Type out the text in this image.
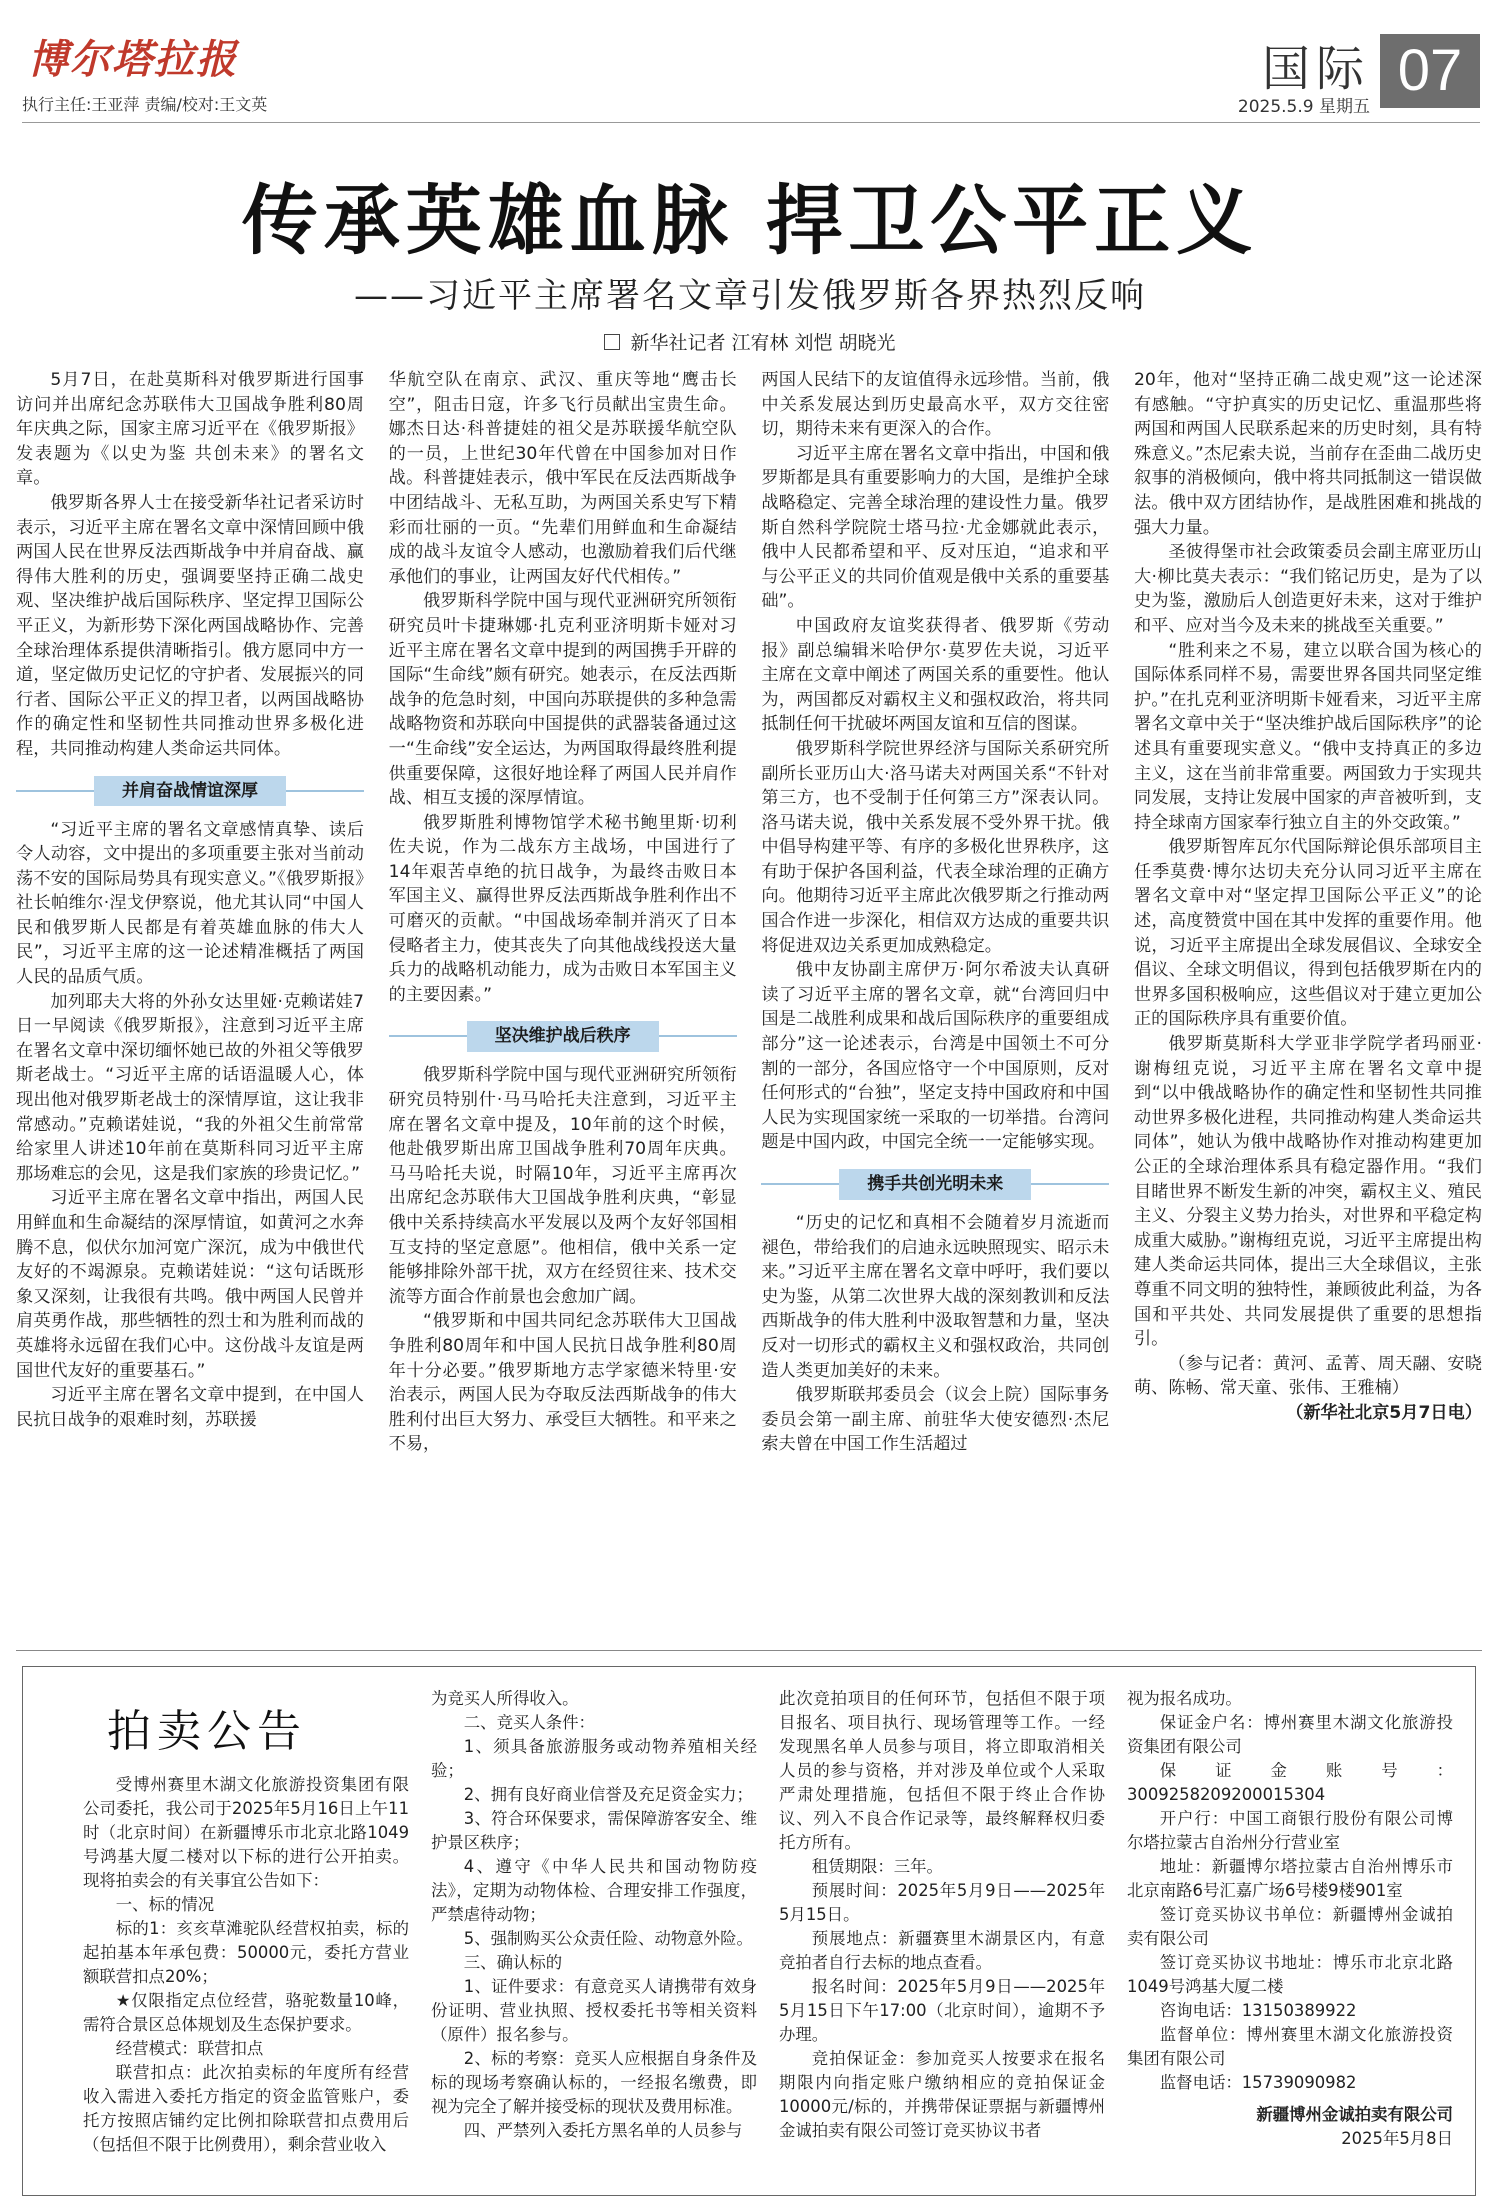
博尔塔拉报
执行主任:王亚萍 责编/校对:王文英
国际 07
2025.5.9 星期五
传承英雄血脉 捍卫公平正义
——习近平主席署名文章引发俄罗斯各界热烈反响
新华社记者 江宥林 刘恺 胡晓光

5月7日，在赴莫斯科对俄罗斯进行国事访问并出席纪念苏联伟大卫国战争胜利80周年庆典之际，国家主席习近平在《俄罗斯报》发表题为《以史为鉴 共创未来》的署名文章。

俄罗斯各界人士在接受新华社记者采访时表示，习近平主席在署名文章中深情回顾中俄两国人民在世界反法西斯战争中并肩奋战、赢得伟大胜利的历史，强调要坚持正确二战史观、坚决维护战后国际秩序、坚定捍卫国际公平正义，为新形势下深化两国战略协作、完善全球治理体系提供清晰指引。俄方愿同中方一道，坚定做历史记忆的守护者、发展振兴的同行者、国际公平正义的捍卫者，以两国战略协作的确定性和坚韧性共同推动世界多极化进程，共同推动构建人类命运共同体。

并肩奋战情谊深厚

“习近平主席的署名文章感情真挚、读后令人动容，文中提出的多项重要主张对当前动荡不安的国际局势具有现实意义。”《俄罗斯报》社长帕维尔·涅戈伊察说，他尤其认同“中国人民和俄罗斯人民都是有着英雄血脉的伟大人民”，习近平主席的这一论述精准概括了两国人民的品质气质。

加列耶夫大将的外孙女达里娅·克赖诺娃7日一早阅读《俄罗斯报》，注意到习近平主席在署名文章中深切缅怀她已故的外祖父等俄罗斯老战士。“习近平主席的话语温暖人心，体现出他对俄罗斯老战士的深情厚谊，这让我非常感动。”克赖诺娃说，“我的外祖父生前常常给家里人讲述10年前在莫斯科同习近平主席那场难忘的会见，这是我们家族的珍贵记忆。”

习近平主席在署名文章中指出，两国人民用鲜血和生命凝结的深厚情谊，如黄河之水奔腾不息，似伏尔加河宽广深沉，成为中俄世代友好的不竭源泉。克赖诺娃说：“这句话既形象又深刻，让我很有共鸣。俄中两国人民曾并肩英勇作战，那些牺牲的烈士和为胜利而战的英雄将永远留在我们心中。这份战斗友谊是两国世代友好的重要基石。”

习近平主席在署名文章中提到，在中国人民抗日战争的艰难时刻，苏联援

华航空队在南京、武汉、重庆等地“鹰击长空”，阻击日寇，许多飞行员献出宝贵生命。娜杰日达·科普捷娃的祖父是苏联援华航空队的一员，上世纪30年代曾在中国参加对日作战。科普捷娃表示，俄中军民在反法西斯战争中团结战斗、无私互助，为两国关系史写下精彩而壮丽的一页。“先辈们用鲜血和生命凝结成的战斗友谊令人感动，也激励着我们后代继承他们的事业，让两国友好代代相传。”

俄罗斯科学院中国与现代亚洲研究所领衔研究员叶卡捷琳娜·扎克利亚济明斯卡娅对习近平主席在署名文章中提到的两国携手开辟的国际“生命线”颇有研究。她表示，在反法西斯战争的危急时刻，中国向苏联提供的多种急需战略物资和苏联向中国提供的武器装备通过这一“生命线”安全运达，为两国取得最终胜利提供重要保障，这很好地诠释了两国人民并肩作战、相互支援的深厚情谊。

俄罗斯胜利博物馆学术秘书鲍里斯·切利佐夫说，作为二战东方主战场，中国进行了14年艰苦卓绝的抗日战争，为最终击败日本军国主义、赢得世界反法西斯战争胜利作出不可磨灭的贡献。“中国战场牵制并消灭了日本侵略者主力，使其丧失了向其他战线投送大量兵力的战略机动能力，成为击败日本军国主义的主要因素。”

坚决维护战后秩序

俄罗斯科学院中国与现代亚洲研究所领衔研究员特别什·马马哈托夫注意到，习近平主席在署名文章中提及，10年前的这个时候，他赴俄罗斯出席卫国战争胜利70周年庆典。马马哈托夫说，时隔10年，习近平主席再次出席纪念苏联伟大卫国战争胜利庆典，“彰显俄中关系持续高水平发展以及两个友好邻国相互支持的坚定意愿”。他相信，俄中关系一定能够排除外部干扰，双方在经贸往来、技术交流等方面合作前景也会愈加广阔。

“俄罗斯和中国共同纪念苏联伟大卫国战争胜利80周年和中国人民抗日战争胜利80周年十分必要。”俄罗斯地方志学家德米特里·安治表示，两国人民为夺取反法西斯战争的伟大胜利付出巨大努力、承受巨大牺牲。和平来之不易，

两国人民结下的友谊值得永远珍惜。当前，俄中关系发展达到历史最高水平，双方交往密切，期待未来有更深入的合作。

习近平主席在署名文章中指出，中国和俄罗斯都是具有重要影响力的大国，是维护全球战略稳定、完善全球治理的建设性力量。俄罗斯自然科学院院士塔马拉·尤金娜就此表示，俄中人民都希望和平、反对压迫，“追求和平与公平正义的共同价值观是俄中关系的重要基础”。

中国政府友谊奖获得者、俄罗斯《劳动报》副总编辑米哈伊尔·莫罗佐夫说，习近平主席在文章中阐述了两国关系的重要性。他认为，两国都反对霸权主义和强权政治，将共同抵制任何干扰破坏两国友谊和互信的图谋。

俄罗斯科学院世界经济与国际关系研究所副所长亚历山大·洛马诺夫对两国关系“不针对第三方，也不受制于任何第三方”深表认同。洛马诺夫说，俄中关系发展不受外界干扰。俄中倡导构建平等、有序的多极化世界秩序，这有助于保护各国利益，代表全球治理的正确方向。他期待习近平主席此次俄罗斯之行推动两国合作进一步深化，相信双方达成的重要共识将促进双边关系更加成熟稳定。

俄中友协副主席伊万·阿尔希波夫认真研读了习近平主席的署名文章，就“台湾回归中国是二战胜利成果和战后国际秩序的重要组成部分”这一论述表示，台湾是中国领土不可分割的一部分，各国应恪守一个中国原则，反对任何形式的“台独”，坚定支持中国政府和中国人民为实现国家统一采取的一切举措。台湾问题是中国内政，中国完全统一一定能够实现。

携手共创光明未来

“历史的记忆和真相不会随着岁月流逝而褪色，带给我们的启迪永远映照现实、昭示未来。”习近平主席在署名文章中呼吁，我们要以史为鉴，从第二次世界大战的深刻教训和反法西斯战争的伟大胜利中汲取智慧和力量，坚决反对一切形式的霸权主义和强权政治，共同创造人类更加美好的未来。

俄罗斯联邦委员会（议会上院）国际事务委员会第一副主席、前驻华大使安德烈·杰尼索夫曾在中国工作生活超过

20年，他对“坚持正确二战史观”这一论述深有感触。“守护真实的历史记忆、重温那些将两国和两国人民联系起来的历史时刻，具有特殊意义。”杰尼索夫说，当前存在歪曲二战历史叙事的消极倾向，俄中将共同抵制这一错误做法。俄中双方团结协作，是战胜困难和挑战的强大力量。

圣彼得堡市社会政策委员会副主席亚历山大·柳比莫夫表示：“我们铭记历史，是为了以史为鉴，激励后人创造更好未来，这对于维护和平、应对当今及未来的挑战至关重要。”

“胜利来之不易，建立以联合国为核心的国际体系同样不易，需要世界各国共同坚定维护。”在扎克利亚济明斯卡娅看来，习近平主席署名文章中关于“坚决维护战后国际秩序”的论述具有重要现实意义。“俄中支持真正的多边主义，这在当前非常重要。两国致力于实现共同发展，支持让发展中国家的声音被听到，支持全球南方国家奉行独立自主的外交政策。”

俄罗斯智库瓦尔代国际辩论俱乐部项目主任季莫费·博尔达切夫充分认同习近平主席在署名文章中对“坚定捍卫国际公平正义”的论述，高度赞赏中国在其中发挥的重要作用。他说，习近平主席提出全球发展倡议、全球安全倡议、全球文明倡议，得到包括俄罗斯在内的世界多国积极响应，这些倡议对于建立更加公正的国际秩序具有重要价值。

俄罗斯莫斯科大学亚非学院学者玛丽亚·谢梅纽克说，习近平主席在署名文章中提到“以中俄战略协作的确定性和坚韧性共同推动世界多极化进程，共同推动构建人类命运共同体”，她认为俄中战略协作对推动构建更加公正的全球治理体系具有稳定器作用。“我们目睹世界不断发生新的冲突，霸权主义、殖民主义、分裂主义势力抬头，对世界和平稳定构成重大威胁。”谢梅纽克说，习近平主席提出构建人类命运共同体，提出三大全球倡议，主张尊重不同文明的独特性，兼顾彼此利益，为各国和平共处、共同发展提供了重要的思想指引。

（参与记者：黄河、孟菁、周天翮、安晓萌、陈畅、常天童、张伟、王雅楠）

（新华社北京5月7日电）

拍卖公告

受博州赛里木湖文化旅游投资集团有限公司委托，我公司于2025年5月16日上午11时（北京时间）在新疆博乐市北京北路1049号鸿基大厦二楼对以下标的进行公开拍卖。现将拍卖会的有关事宜公告如下：

一、标的情况

标的1：亥亥草滩驼队经营权拍卖，标的起拍基本年承包费：50000元，委托方营业额联营扣点20%；

★仅限指定点位经营，骆驼数量10峰，需符合景区总体规划及生态保护要求。

经营模式：联营扣点

联营扣点：此次拍卖标的年度所有经营收入需进入委托方指定的资金监管账户，委托方按照店铺约定比例扣除联营扣点费用后（包括但不限于比例费用），剩余营业收入

为竞买人所得收入。

二、竞买人条件：

1、须具备旅游服务或动物养殖相关经验；

2、拥有良好商业信誉及充足资金实力；

3、符合环保要求，需保障游客安全、维护景区秩序；

4、遵守《中华人民共和国动物防疫法》，定期为动物体检、合理安排工作强度，严禁虐待动物；

5、强制购买公众责任险、动物意外险。

三、确认标的

1、证件要求：有意竞买人请携带有效身份证明、营业执照、授权委托书等相关资料（原件）报名参与。

2、标的考察：竞买人应根据自身条件及标的现场考察确认标的，一经报名缴费，即视为完全了解并接受标的现状及费用标准。

四、严禁列入委托方黑名单的人员参与

此次竞拍项目的任何环节，包括但不限于项目报名、项目执行、现场管理等工作。一经发现黑名单人员参与项目，将立即取消相关人员的参与资格，并对涉及单位或个人采取严肃处理措施，包括但不限于终止合作协议、列入不良合作记录等，最终解释权归委托方所有。

租赁期限：三年。

预展时间：2025年5月9日——2025年5月15日。

预展地点：新疆赛里木湖景区内，有意竞拍者自行去标的地点查看。

报名时间：2025年5月9日——2025年5月15日下午17:00（北京时间），逾期不予办理。

竞拍保证金：参加竞买人按要求在报名期限内向指定账户缴纳相应的竞拍保证金10000元/标的，并携带保证票据与新疆博州金诚拍卖有限公司签订竞买协议书者

视为报名成功。

保证金户名：博州赛里木湖文化旅游投资集团有限公司

保证金账号：3009258209200015304

开户行：中国工商银行股份有限公司博尔塔拉蒙古自治州分行营业室

地址：新疆博尔塔拉蒙古自治州博乐市北京南路6号汇嘉广场6号楼9楼901室

签订竞买协议书单位：新疆博州金诚拍卖有限公司

签订竞买协议书地址：博乐市北京北路1049号鸿基大厦二楼

咨询电话：13150389922

监督单位：博州赛里木湖文化旅游投资集团有限公司

监督电话：15739090982

新疆博州金诚拍卖有限公司

2025年5月8日
